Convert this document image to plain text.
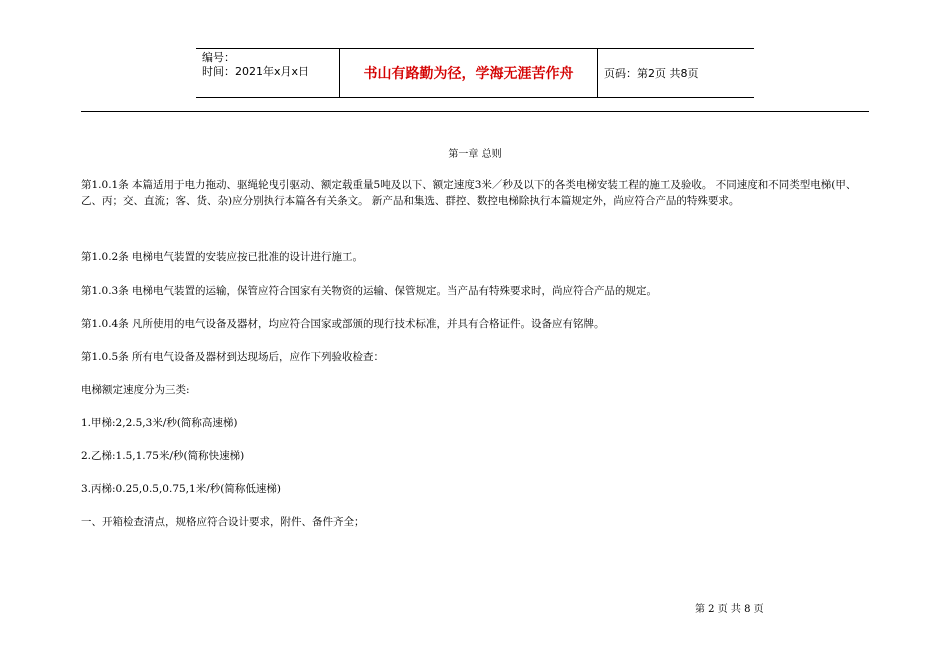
编号：
时间：2021年x月x日	书山有路勤为径，学海无涯苦作舟	页码：第2页 共8页
第一章 总则

第1.0.1条 本篇适用于电力拖动、驱绳轮曳引驱动、额定载重量5吨及以下、额定速度3米／秒及以下的各类电梯安装工程的施工及验收。 不同速度和不同类型电梯(甲、乙、丙；交、直流；客、货、杂)应分别执行本篇各有关条文。 新产品和集选、群控、数控电梯除执行本篇规定外，尚应符合产品的特殊要求。

第1.0.2条 电梯电气装置的安装应按已批准的设计进行施工。

第1.0.3条 电梯电气装置的运输，保管应符合国家有关物资的运输、保管规定。当产品有特殊要求时，尚应符合产品的规定。

第1.0.4条 凡所使用的电气设备及器材，均应符合国家或部颁的现行技术标准，并具有合格证件。设备应有铭牌。

第1.0.5条 所有电气设备及器材到达现场后，应作下列验收检查：

电梯额定速度分为三类:

1.甲梯:2,2.5,3米/秒(简称高速梯)

2.乙梯:1.5,1.75米/秒(简称快速梯)

3.丙梯:0.25,0.5,0.75,1米/秒(简称低速梯)

一、开箱检查清点，规格应符合设计要求，附件、备件齐全；

第 2 页 共 8 页
